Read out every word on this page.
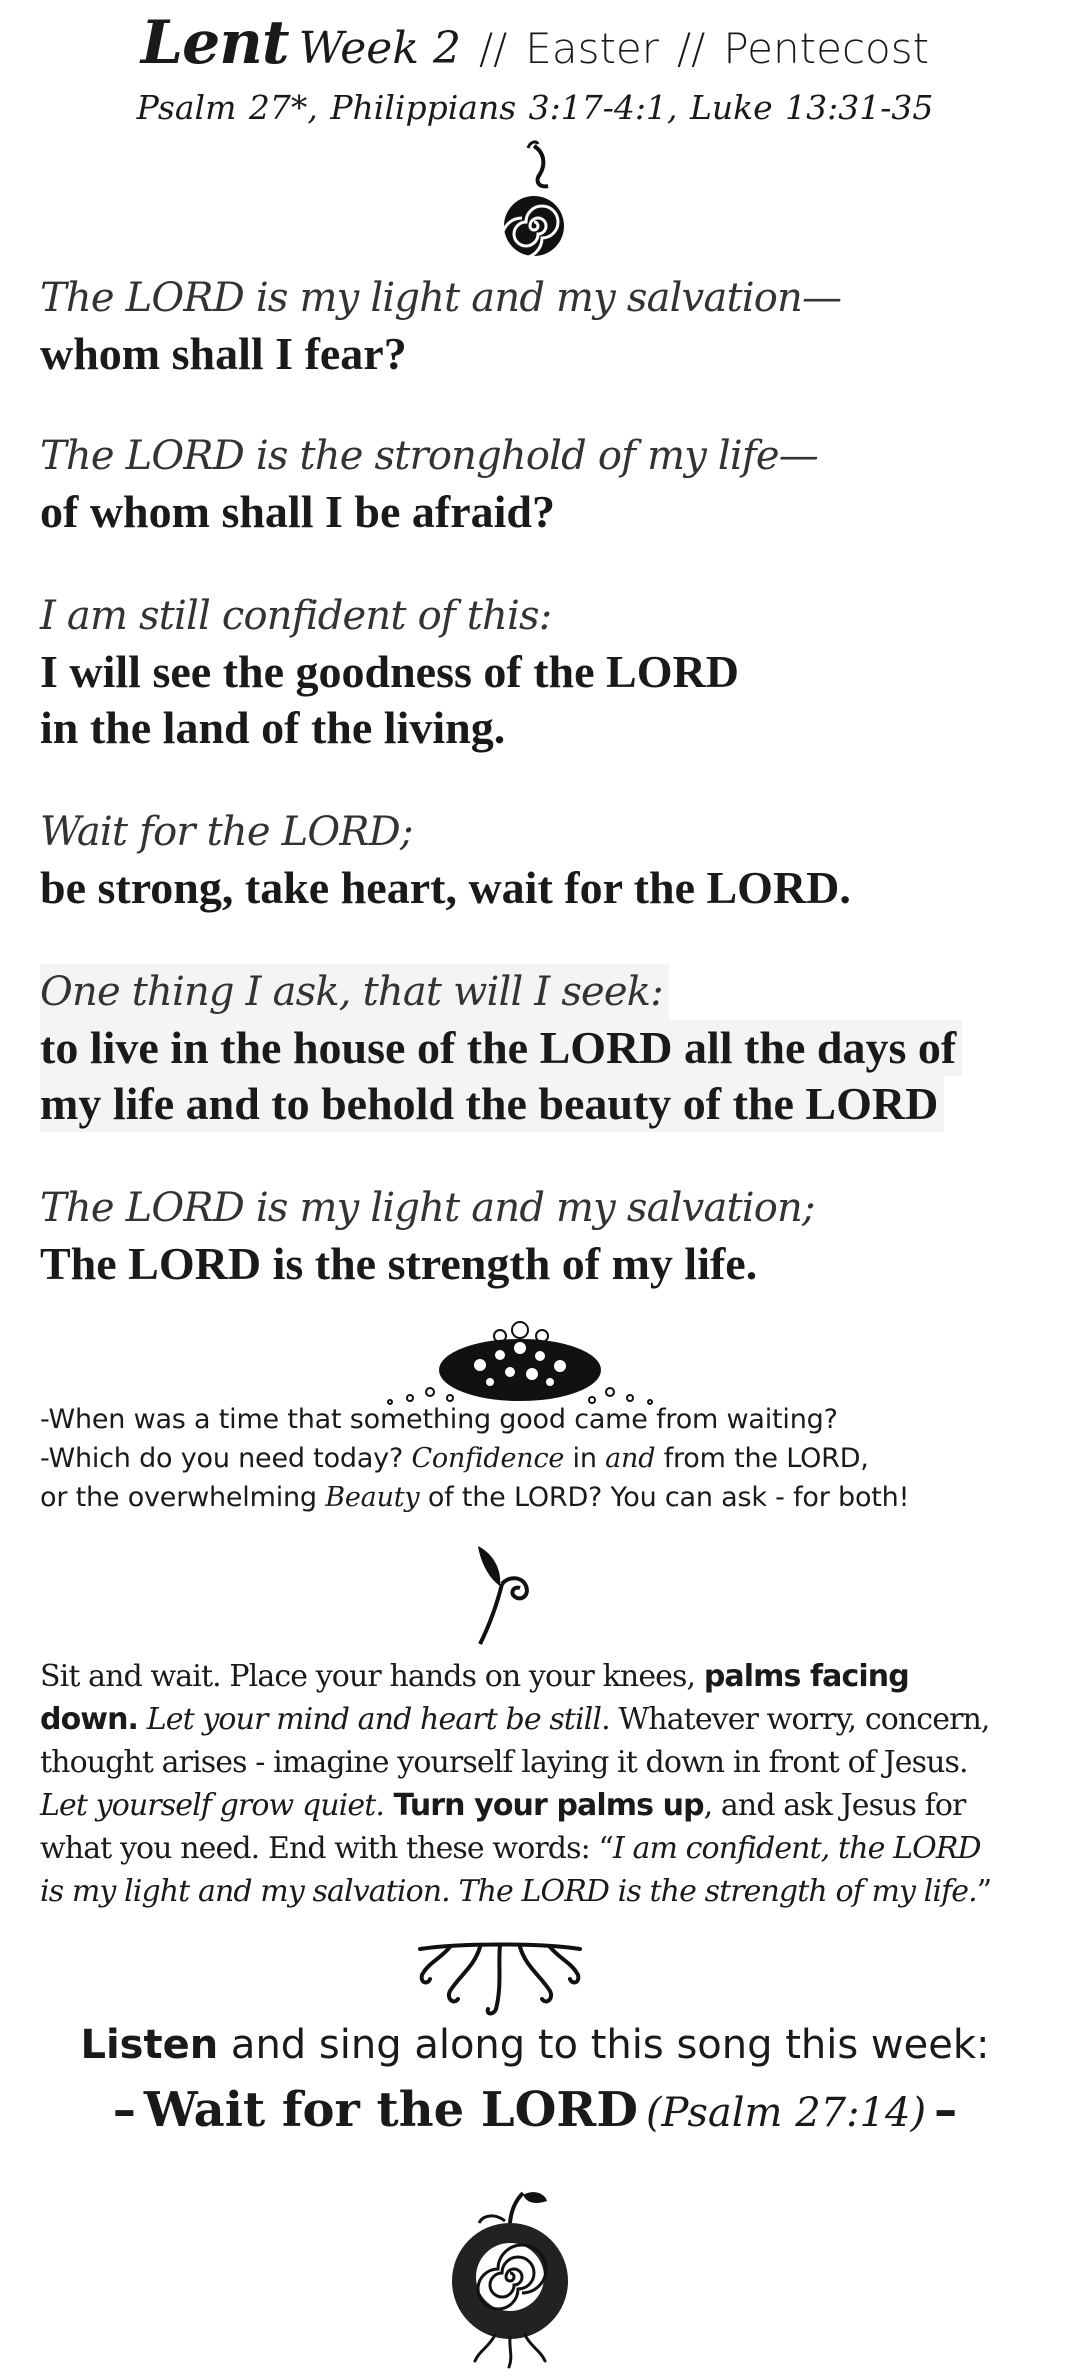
Lent Week 2 // Easter // Pentecost
Psalm 27*, Philippians 3:17-4:1, Luke 13:31-35
The LORD is my light and my salvation—
whom shall I fear?
The LORD is the stronghold of my life—
of whom shall I be afraid?
I am still confident of this:
I will see the goodness of the LORD
in the land of the living.
Wait for the LORD;
be strong, take heart, wait for the LORD.
One thing I ask, that will I seek:
to live in the house of the LORD all the days of
my life and to behold the beauty of the LORD
The LORD is my light and my salvation;
The LORD is the strength of my life.
-When was a time that something good came from waiting?
-Which do you need today? Confidence in and from the LORD,
or the overwhelming Beauty of the LORD? You can ask - for both!
Sit and wait. Place your hands on your knees, palms facing
down. Let your mind and heart be still. Whatever worry, concern,
thought arises - imagine yourself laying it down in front of Jesus.
Let yourself grow quiet. Turn your palms up, and ask Jesus for
what you need. End with these words: “I am confident, the LORD
is my light and my salvation. The LORD is the strength of my life.”
Listen and sing along to this song this week:
– Wait for the LORD (Psalm 27:14) –
